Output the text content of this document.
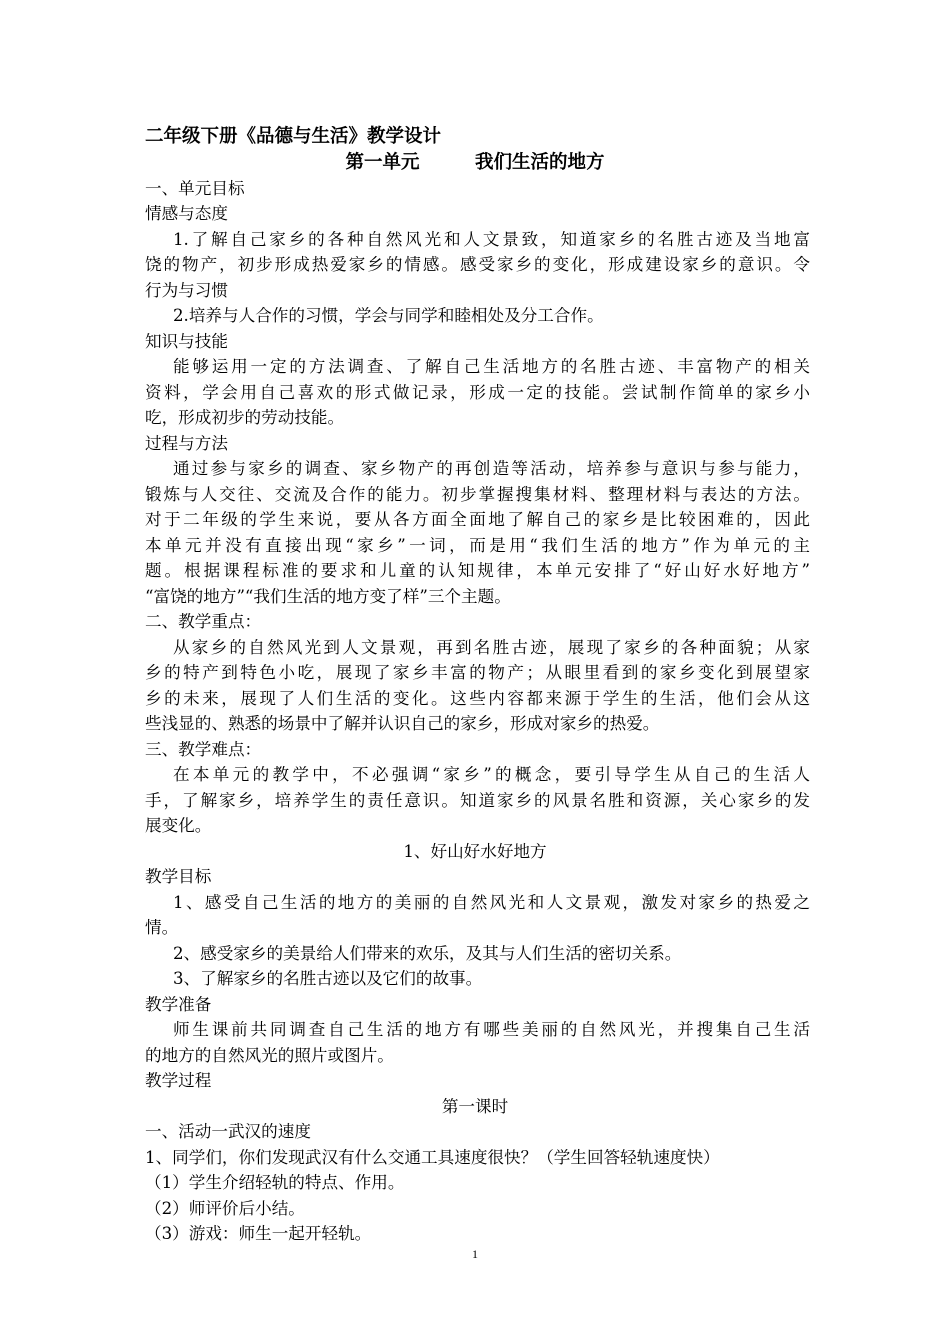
二年级下册《品德与生活》教学设计
第一单元　　　我们生活的地方
一、单元目标
情感与态度
1.了解自己家乡的各种自然风光和人文景致，知道家乡的名胜古迹及当地富
饶的物产，初步形成热爱家乡的情感。感受家乡的变化，形成建设家乡的意识。令
行为与习惯
2.培养与人合作的习惯，学会与同学和睦相处及分工合作。
知识与技能
能够运用一定的方法调查、了解自己生活地方的名胜古迹、丰富物产的相关
资料，学会用自己喜欢的形式做记录，形成一定的技能。尝试制作简单的家乡小
吃，形成初步的劳动技能。
过程与方法
通过参与家乡的调查、家乡物产的再创造等活动，培养参与意识与参与能力，
锻炼与人交往、交流及合作的能力。初步掌握搜集材料、整理材料与表达的方法。
对于二年级的学生来说，要从各方面全面地了解自己的家乡是比较困难的，因此
本单元并没有直接出现“家乡”一词，而是用“我们生活的地方”作为单元的主
题。根据课程标准的要求和儿童的认知规律，本单元安排了“好山好水好地方”
“富饶的地方”“我们生活的地方变了样”三个主题。
二、教学重点：
从家乡的自然风光到人文景观，再到名胜古迹，展现了家乡的各种面貌；从家
乡的特产到特色小吃，展现了家乡丰富的物产；从眼里看到的家乡变化到展望家
乡的未来，展现了人们生活的变化。这些内容都来源于学生的生活，他们会从这
些浅显的、熟悉的场景中了解并认识自己的家乡，形成对家乡的热爱。
三、教学难点：
在本单元的教学中，不必强调“家乡”的概念，要引导学生从自己的生活人
手，了解家乡，培养学生的责任意识。知道家乡的风景名胜和资源，关心家乡的发
展变化。
1、好山好水好地方
教学目标
1、感受自己生活的地方的美丽的自然风光和人文景观，激发对家乡的热爱之
情。
2、感受家乡的美景给人们带来的欢乐，及其与人们生活的密切关系。
3、了解家乡的名胜古迹以及它们的故事。
教学准备
师生课前共同调查自己生活的地方有哪些美丽的自然风光，并搜集自己生活
的地方的自然风光的照片或图片。
教学过程
第一课时
一、活动一武汉的速度
1、同学们，你们发现武汉有什么交通工具速度很快？（学生回答轻轨速度快）
（1）学生介绍轻轨的特点、作用。
（2）师评价后小结。
（3）游戏：师生一起开轻轨。
1
